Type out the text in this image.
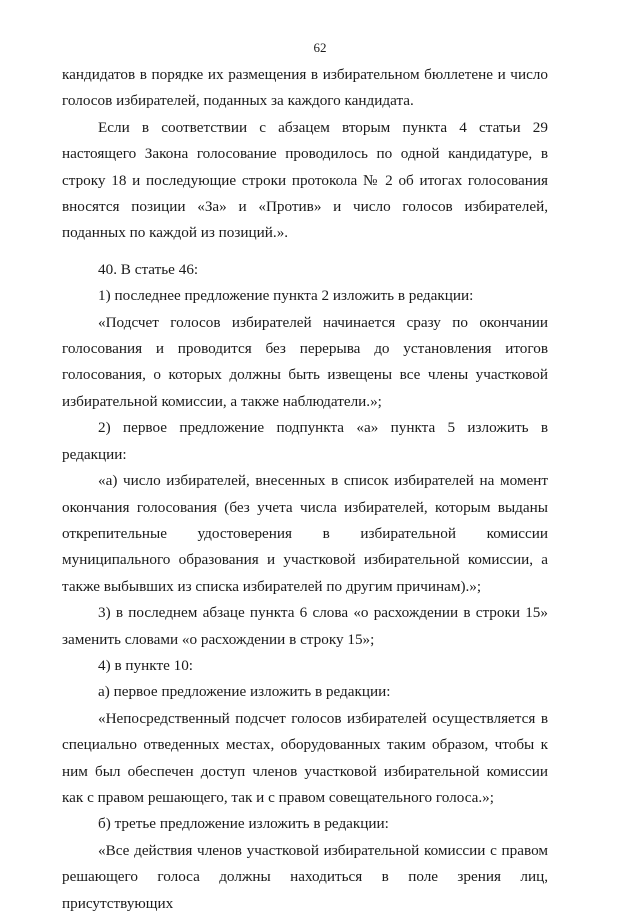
62

кандидатов в порядке их размещения в избирательном бюллетене и число голосов избирателей, поданных за каждого кандидата.

Если в соответствии с абзацем вторым пункта 4 статьи 29 настоящего Закона голосование проводилось по одной кандидатуре, в строку 18 и последующие строки протокола № 2 об итогах голосования вносятся позиции «За» и «Против» и число голосов избирателей, поданных по каждой из позиций.».

40. В статье 46:

1) последнее предложение пункта 2 изложить в редакции:

«Подсчет голосов избирателей начинается сразу по окончании голосования и проводится без перерыва до установления итогов голосования, о которых должны быть извещены все члены участковой избирательной комиссии, а также наблюдатели.»;

2) первое предложение подпункта «а» пункта 5 изложить в редакции:

«а) число избирателей, внесенных в список избирателей на момент окончания голосования (без учета числа избирателей, которым выданы открепительные удостоверения в избирательной комиссии муниципального образования и участковой избирательной комиссии, а также выбывших из списка избирателей по другим причинам).»;

3) в последнем абзаце пункта 6 слова «о расхождении в строки 15» заменить словами «о расхождении в строку 15»;

4) в пункте 10:

а) первое предложение изложить в редакции:

«Непосредственный подсчет голосов избирателей осуществляется в специально отведенных местах, оборудованных таким образом, чтобы к ним был обеспечен доступ членов участковой избирательной комиссии как с правом решающего, так и с правом совещательного голоса.»;

б) третье предложение изложить в редакции:

«Все действия членов участковой избирательной комиссии с правом решающего голоса должны находиться в поле зрения лиц, присутствующих
